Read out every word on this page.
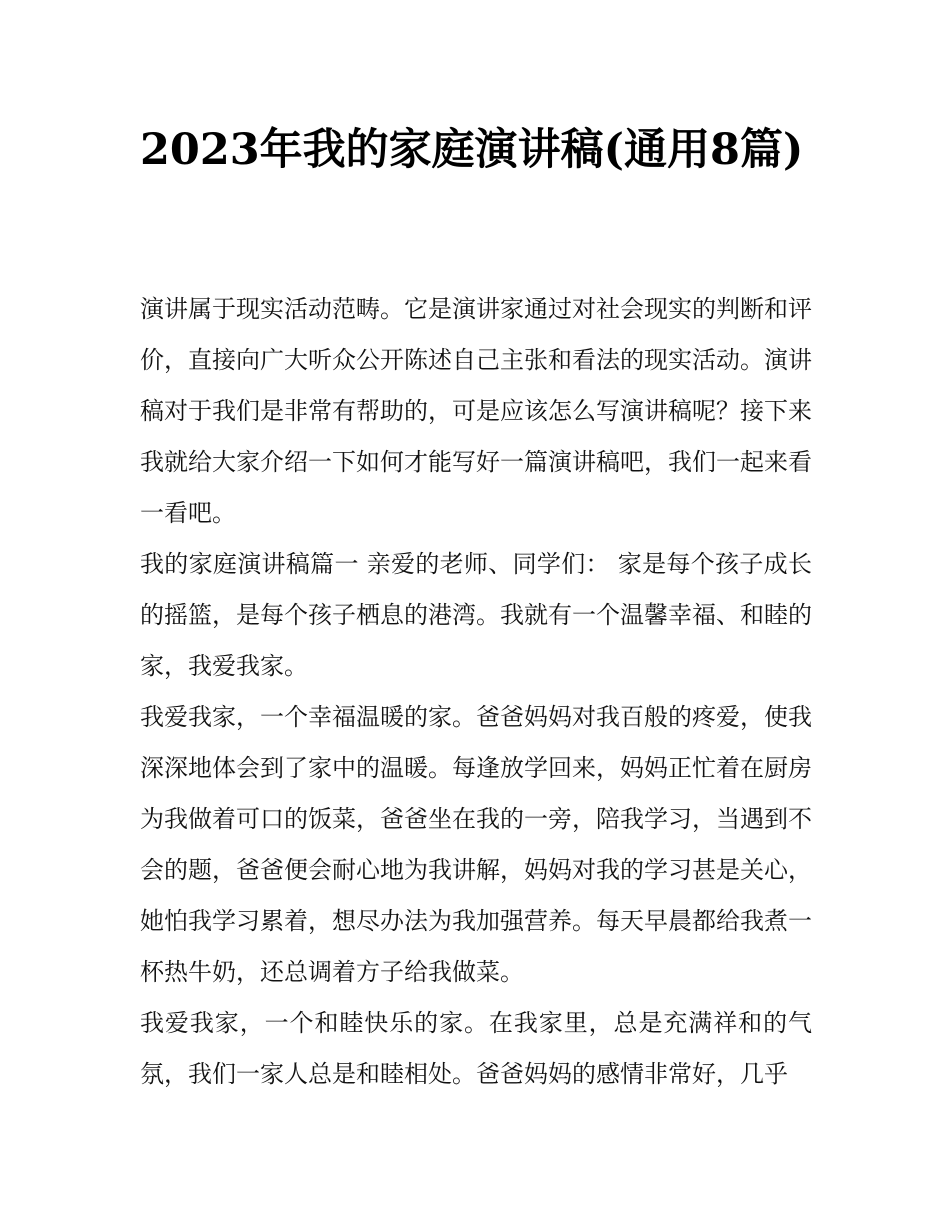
2023年我的家庭演讲稿(通用8篇)

演讲属于现实活动范畴。它是演讲家通过对社会现实的判断和评价，直接向广大听众公开陈述自己主张和看法的现实活动。演讲稿对于我们是非常有帮助的，可是应该怎么写演讲稿呢？接下来我就给大家介绍一下如何才能写好一篇演讲稿吧，我们一起来看一看吧。

我的家庭演讲稿篇一 亲爱的老师、同学们： 家是每个孩子成长的摇篮，是每个孩子栖息的港湾。我就有一个温馨幸福、和睦的家，我爱我家。

我爱我家，一个幸福温暖的家。爸爸妈妈对我百般的疼爱，使我深深地体会到了家中的温暖。每逢放学回来，妈妈正忙着在厨房为我做着可口的饭菜，爸爸坐在我的一旁，陪我学习，当遇到不会的题，爸爸便会耐心地为我讲解，妈妈对我的学习甚是关心，她怕我学习累着，想尽办法为我加强营养。每天早晨都给我煮一杯热牛奶，还总调着方子给我做菜。

我爱我家，一个和睦快乐的家。在我家里，总是充满祥和的气氛，我们一家人总是和睦相处。爸爸妈妈的感情非常好，几乎
